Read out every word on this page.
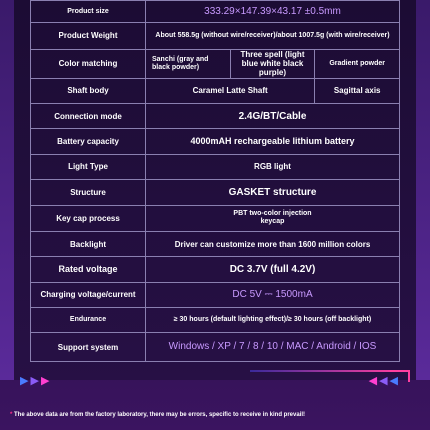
Product size	333.29×147.39×43.17 ±0.5mm		
Product Weight	About 558.5g (without wire/receiver)/about 1007.5g (with wire/receiver)		
Color matching	Sanchi (gray and black powder)	Three spell (light blue white black purple)	Gradient powder
Shaft body	Caramel Latte Shaft		Sagittal axis
Connection mode	2.4G/BT/Cable		
Battery capacity	4000mAH rechargeable lithium battery		
Light Type	RGB light		
Structure	GASKET structure		
Key cap process	PBT two-color injection keycap		
Backlight	Driver can customize more than 1600 million colors		
Rated voltage	DC 3.7V (full 4.2V)		
Charging voltage/current	DC 5V ⎓ 1500mA		
Endurance	≥ 30 hours (default lighting effect)/≥ 30 hours (off backlight)		
Support system	Windows / XP / 7 / 8 / 10 / MAC / Android / IOS		
▶ ▶ ▶	◀ ◀ ◀
* The above data are from the factory laboratory, there may be errors, specific to receive in kind prevail!
